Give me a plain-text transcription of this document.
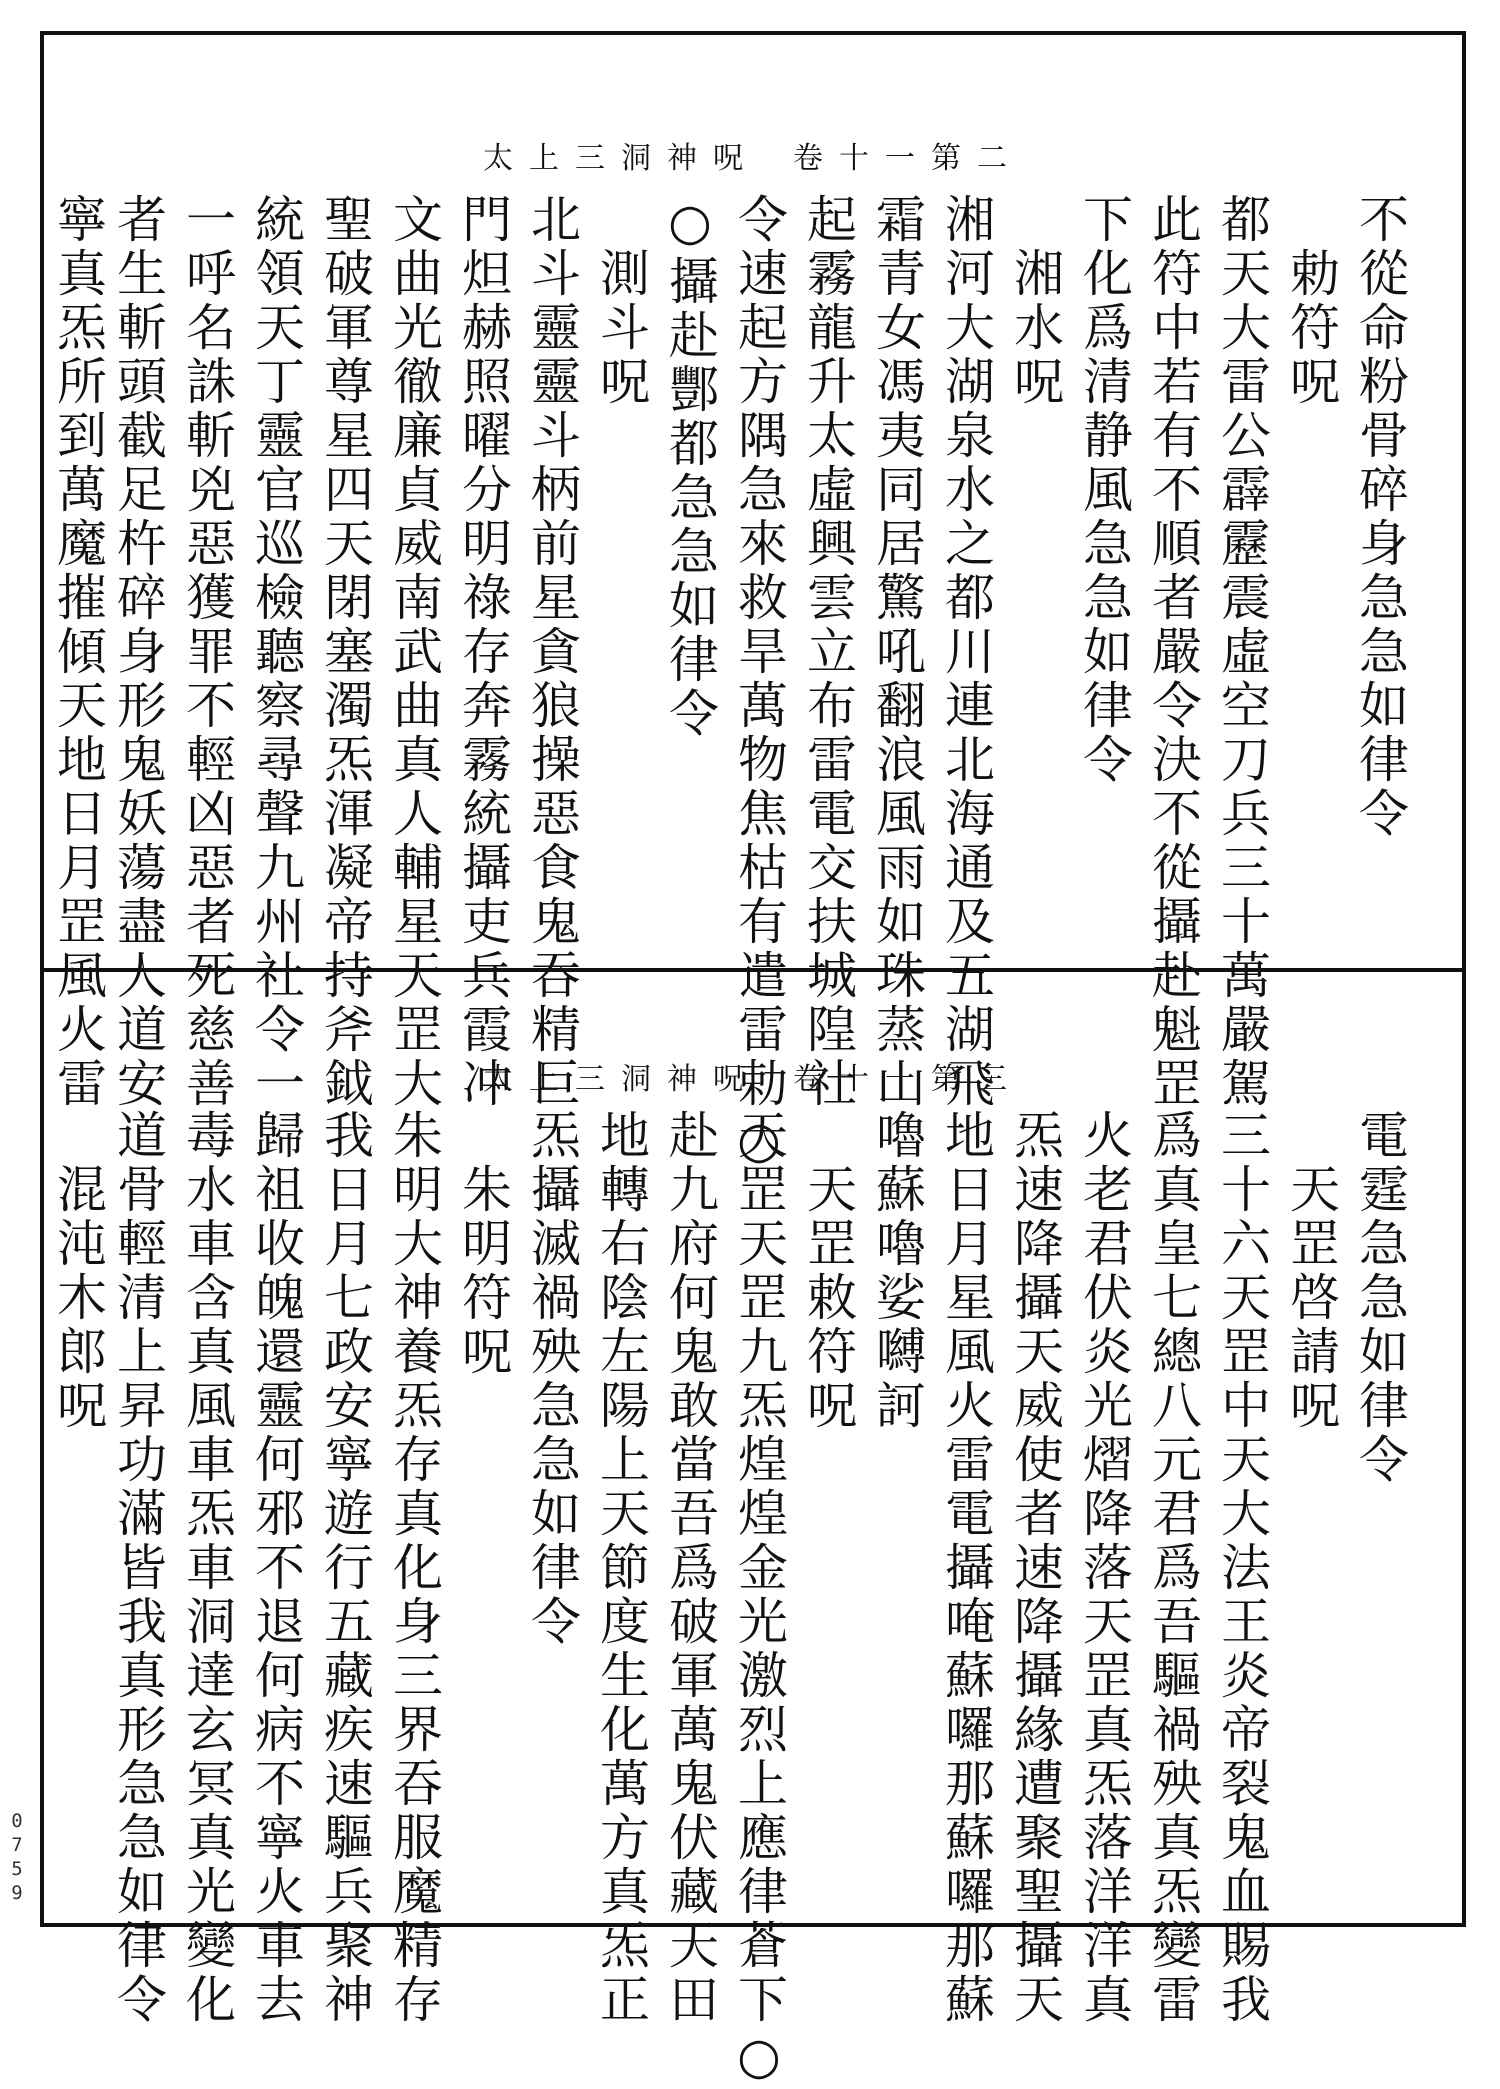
太上三洞神呪 卷十一第二
不從命粉骨碎身急急如律令
　勅符呪
都天大雷公霹靂震虛空刀兵三十萬嚴駕
此符中若有不順者嚴令決不從攝赴魁罡
下化爲清静風急急如律令
　湘水呪
湘河大湖泉水之都川連北海通及五湖飛
霜青女馮夷同居驚吼翻浪風雨如珠蒸山
起霧龍升太虛興雲立布雷電交扶城隍社
令速起方隅急來救旱萬物焦枯有遣雷勅○
○攝赴酆都急急如律令
　測斗呪
北斗靈靈斗柄前星貪狼操惡食鬼吞精巨
門炟赫照曜分明祿存奔霧統攝吏兵霞冲
文曲光徹廉貞威南武曲真人輔星天罡大
聖破軍尊星四天閉塞濁炁渾凝帝持斧鉞
統領天丁靈官巡檢聽察尋聲九州社令一
一呼名誅斬兇惡獲罪不輕凶惡者死慈善
者生斬頭截足杵碎身形鬼妖蕩盡人道安
寧真炁所到萬魔摧傾天地日月罡風火雷	太上三洞神呪 卷十一第三
電霆急急如律令
　天罡啓請呪
三十六天罡中天大法王炎帝裂鬼血賜我
爲真皇七總八元君爲吾驅禍殃真炁變雷
火老君伏炎光熠降落天罡真炁落洋洋真
炁速降攝天威使者速降攝緣遭聚聖攝天
地日月星風火雷電攝唵蘇囉那蘇囉那蘇
嚕蘇嚕娑嚩訶
　天罡敕符呪
天罡天罡九炁煌煌金光激烈上應律蒼下○
赴九府何鬼敢當吾爲破軍萬鬼伏藏天田
地轉右陰左陽上天節度生化萬方真炁正
炁攝滅禍殃急急如律令
　朱明符呪
朱明大神養炁存真化身三界吞服魔精存
我日月七政安寧遊行五藏疾速驅兵聚神
歸祖收魄還靈何邪不退何病不寧火車去
毒水車含真風車炁車洞達玄冥真光變化
道骨輕清上昇功滿皆我真形急急如律令
　混沌木郎呪
0759
